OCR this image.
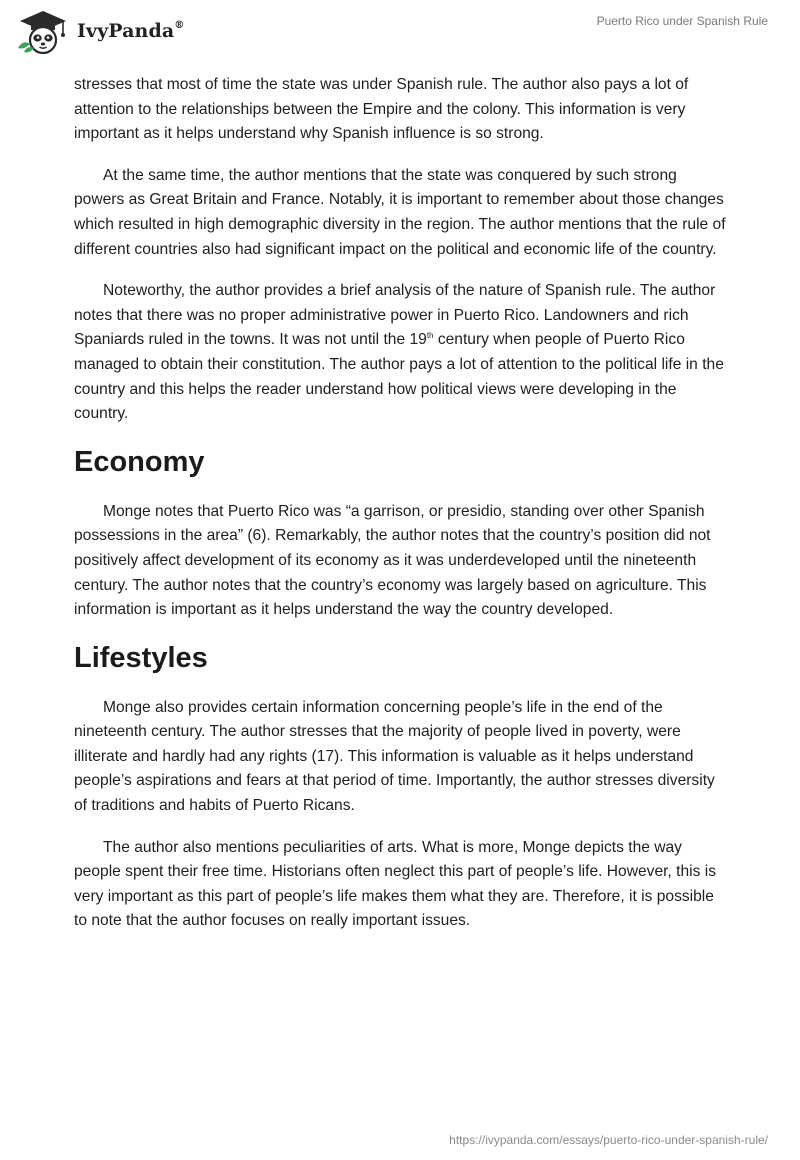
IvyPanda®	Puerto Rico under Spanish Rule

stresses that most of time the state was under Spanish rule. The author also pays a lot of attention to the relationships between the Empire and the colony. This information is very important as it helps understand why Spanish influence is so strong.

At the same time, the author mentions that the state was conquered by such strong powers as Great Britain and France. Notably, it is important to remember about those changes which resulted in high demographic diversity in the region. The author mentions that the rule of different countries also had significant impact on the political and economic life of the country.

Noteworthy, the author provides a brief analysis of the nature of Spanish rule. The author notes that there was no proper administrative power in Puerto Rico. Landowners and rich Spaniards ruled in the towns. It was not until the 19th century when people of Puerto Rico managed to obtain their constitution. The author pays a lot of attention to the political life in the country and this helps the reader understand how political views were developing in the country.

Economy

Monge notes that Puerto Rico was “a garrison, or presidio, standing over other Spanish possessions in the area” (6). Remarkably, the author notes that the country’s position did not positively affect development of its economy as it was underdeveloped until the nineteenth century. The author notes that the country’s economy was largely based on agriculture. This information is important as it helps understand the way the country developed.

Lifestyles

Monge also provides certain information concerning people’s life in the end of the nineteenth century. The author stresses that the majority of people lived in poverty, were illiterate and hardly had any rights (17). This information is valuable as it helps understand people’s aspirations and fears at that period of time. Importantly, the author stresses diversity of traditions and habits of Puerto Ricans.

The author also mentions peculiarities of arts. What is more, Monge depicts the way people spent their free time. Historians often neglect this part of people’s life. However, this is very important as this part of people’s life makes them what they are. Therefore, it is possible to note that the author focuses on really important issues.

https://ivypanda.com/essays/puerto-rico-under-spanish-rule/
